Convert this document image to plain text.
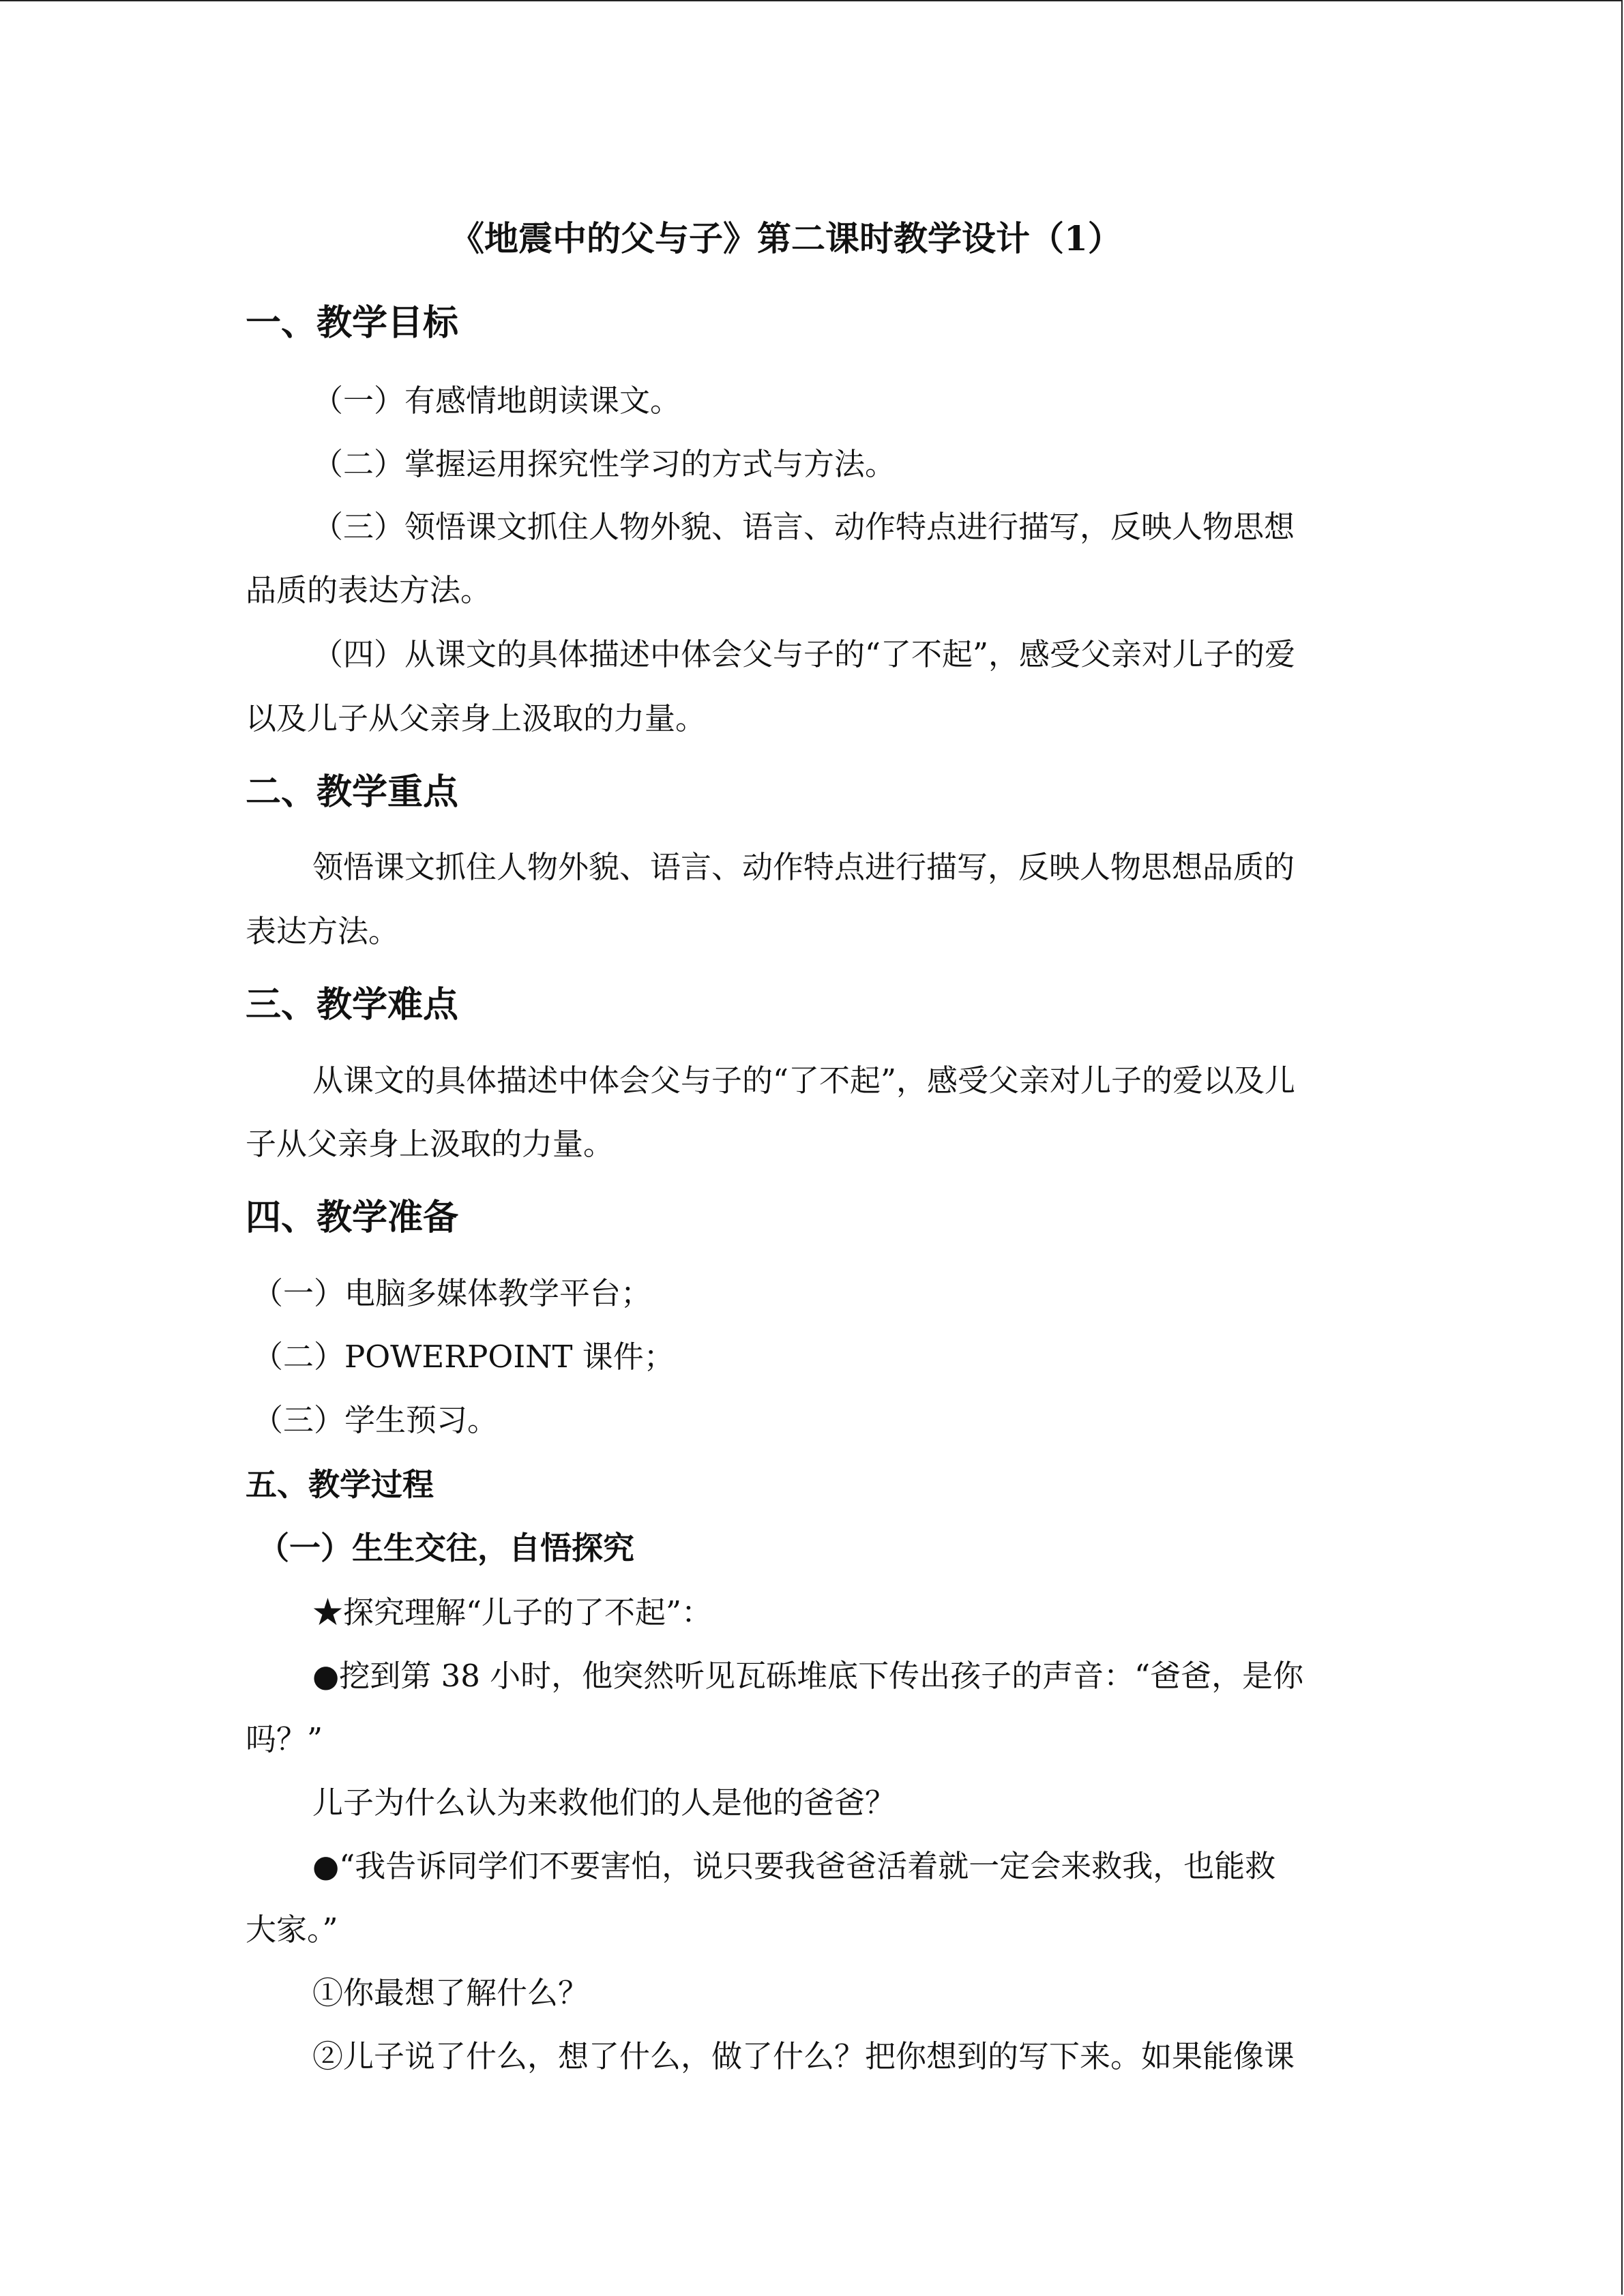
《地震中的父与子》第二课时教学设计（1）
一、教学目标
（一）有感情地朗读课文。
（二）掌握运用探究性学习的方式与方法。
（三）领悟课文抓住人物外貌、语言、动作特点进行描写，反映人物思想
品质的表达方法。
（四）从课文的具体描述中体会父与子的“了不起”，感受父亲对儿子的爱
以及儿子从父亲身上汲取的力量。
二、教学重点
领悟课文抓住人物外貌、语言、动作特点进行描写，反映人物思想品质的
表达方法。
三、教学难点
从课文的具体描述中体会父与子的“了不起”，感受父亲对儿子的爱以及儿
子从父亲身上汲取的力量。
四、教学准备
（一）电脑多媒体教学平台；
（二）POWERPOINT 课件；
（三）学生预习。
五、教学过程
（一）生生交往，自悟探究
★探究理解“儿子的了不起”：
●挖到第 38 小时，他突然听见瓦砾堆底下传出孩子的声音：“爸爸，是你
吗？”
儿子为什么认为来救他们的人是他的爸爸？
●“我告诉同学们不要害怕，说只要我爸爸活着就一定会来救我，也能救
大家。”
①你最想了解什么？
②儿子说了什么，想了什么，做了什么？把你想到的写下来。如果能像课
